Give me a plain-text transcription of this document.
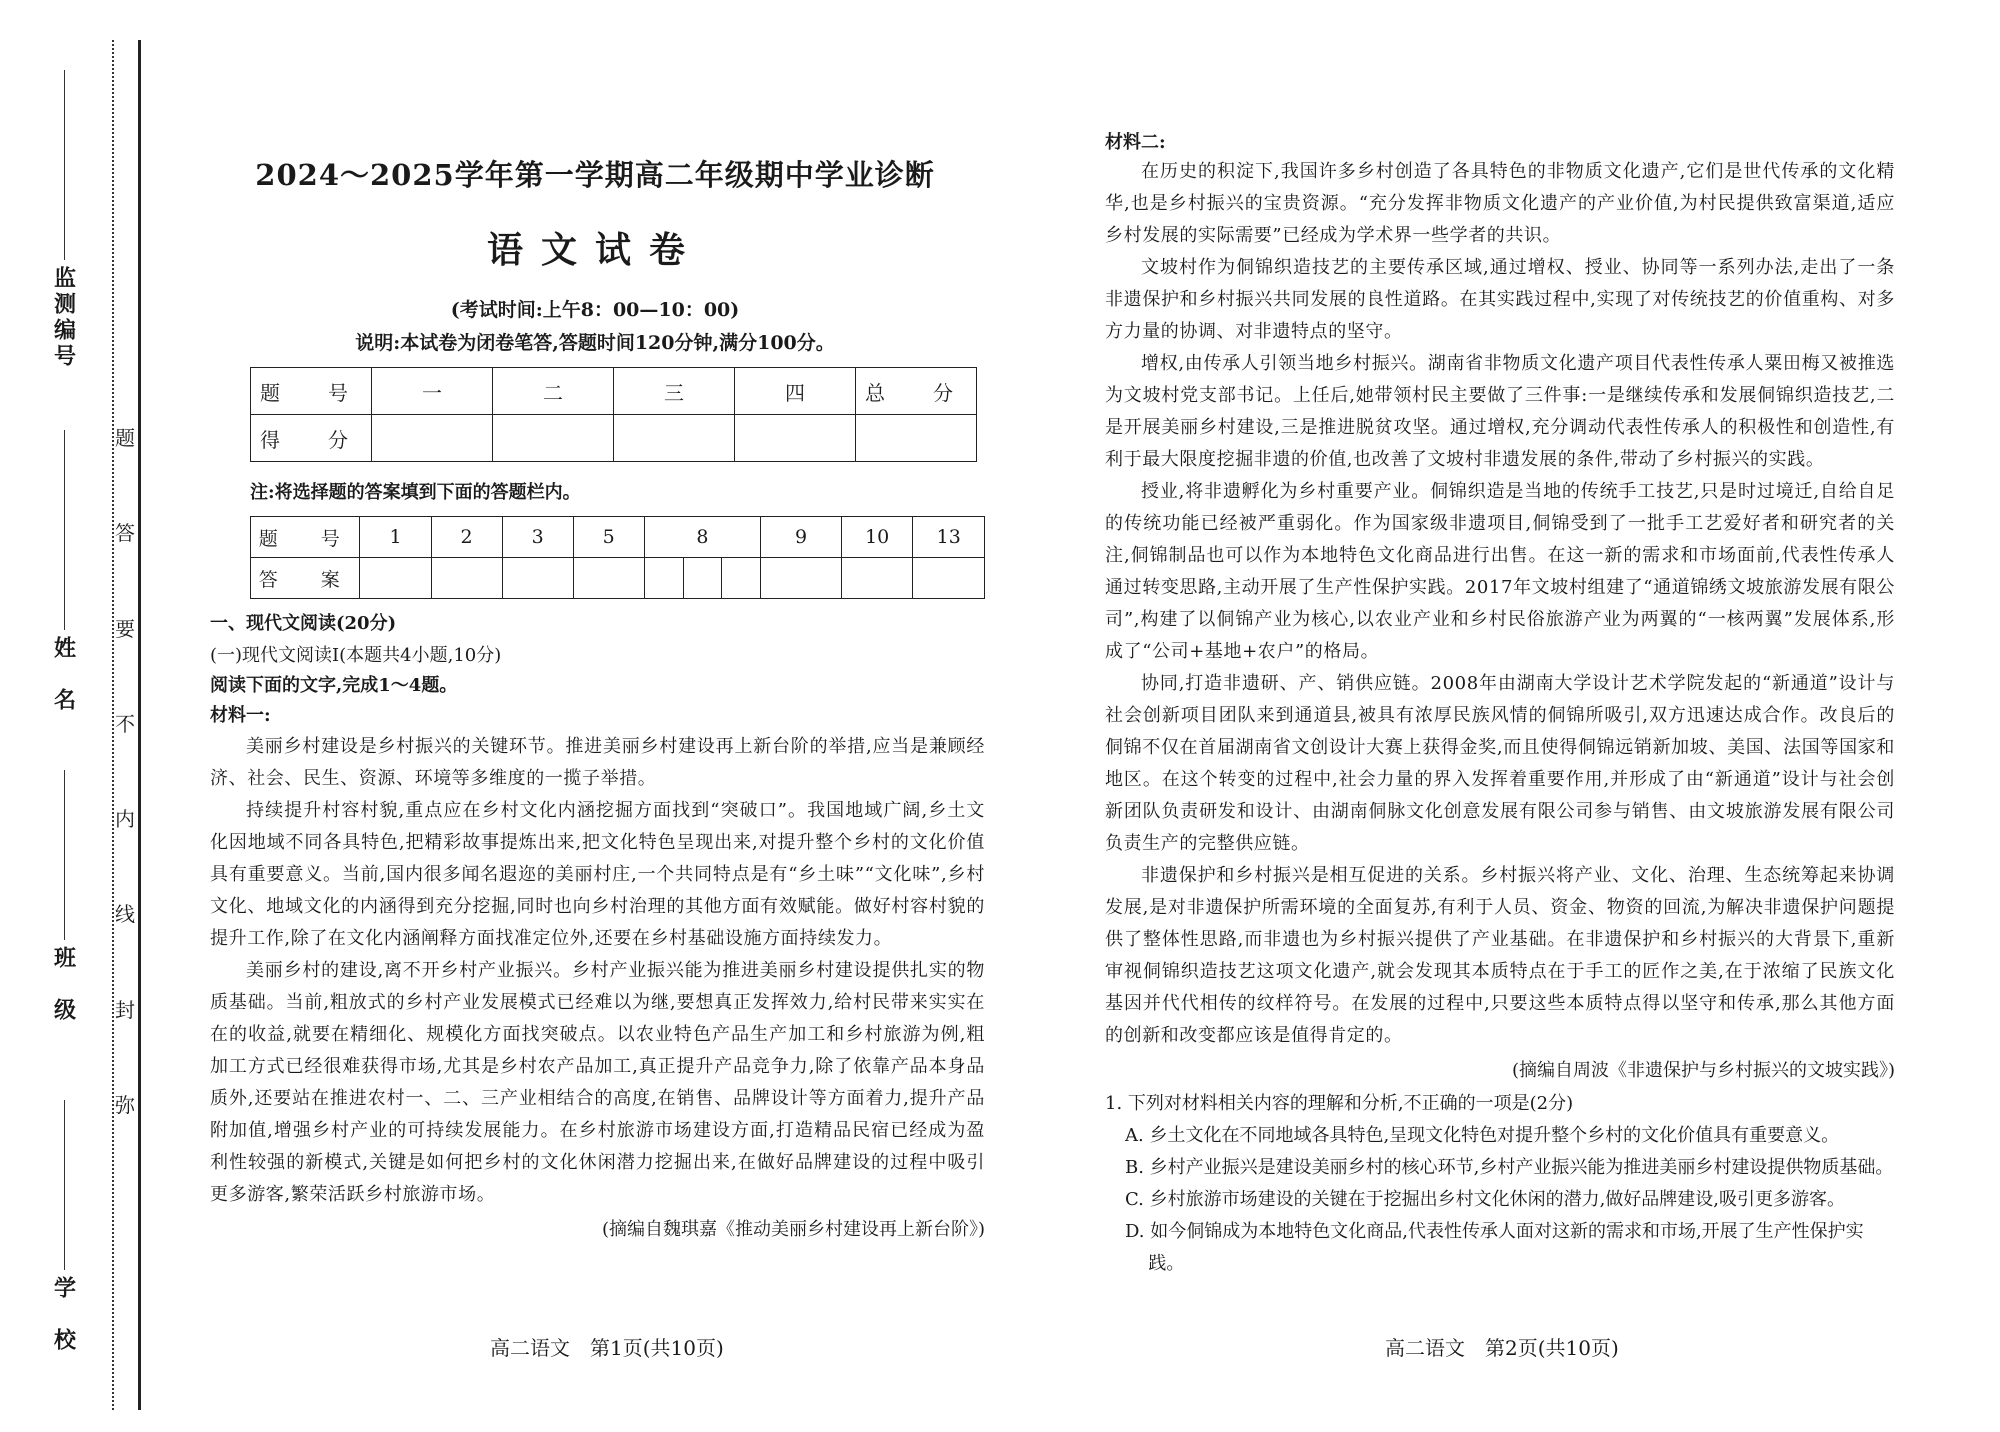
监测编号
姓　名
班　级
学　校
题
答
要
不
内
线
封
弥
2024～2025学年第一学期高二年级期中学业诊断
语文试卷
(考试时间:上午8：00—10：00)
说明:本试卷为闭卷笔答,答题时间120分钟,满分100分。
题　号	一	二	三	四	总　分
得　分					
注:将选择题的答案填到下面的答题栏内。
题　号	1	2	3	5	8			9	10	13
答　案										
一、现代文阅读(20分)
(一)现代文阅读Ⅰ(本题共4小题,10分)
阅读下面的文字,完成1～4题。
材料一:

美丽乡村建设是乡村振兴的关键环节。推进美丽乡村建设再上新台阶的举措,应当是兼顾经济、社会、民生、资源、环境等多维度的一揽子举措。

持续提升村容村貌,重点应在乡村文化内涵挖掘方面找到“突破口”。我国地域广阔,乡土文化因地域不同各具特色,把精彩故事提炼出来,把文化特色呈现出来,对提升整个乡村的文化价值具有重要意义。当前,国内很多闻名遐迩的美丽村庄,一个共同特点是有“乡土味”“文化味”,乡村文化、地域文化的内涵得到充分挖掘,同时也向乡村治理的其他方面有效赋能。做好村容村貌的提升工作,除了在文化内涵阐释方面找准定位外,还要在乡村基础设施方面持续发力。

美丽乡村的建设,离不开乡村产业振兴。乡村产业振兴能为推进美丽乡村建设提供扎实的物质基础。当前,粗放式的乡村产业发展模式已经难以为继,要想真正发挥效力,给村民带来实实在在的收益,就要在精细化、规模化方面找突破点。以农业特色产品生产加工和乡村旅游为例,粗加工方式已经很难获得市场,尤其是乡村农产品加工,真正提升产品竞争力,除了依靠产品本身品质外,还要站在推进农村一、二、三产业相结合的高度,在销售、品牌设计等方面着力,提升产品附加值,增强乡村产业的可持续发展能力。在乡村旅游市场建设方面,打造精品民宿已经成为盈利性较强的新模式,关键是如何把乡村的文化休闲潜力挖掘出来,在做好品牌建设的过程中吸引更多游客,繁荣活跃乡村旅游市场。

(摘编自魏琪嘉《推动美丽乡村建设再上新台阶》)
高二语文　第1页(共10页)
材料二:

在历史的积淀下,我国许多乡村创造了各具特色的非物质文化遗产,它们是世代传承的文化精华,也是乡村振兴的宝贵资源。“充分发挥非物质文化遗产的产业价值,为村民提供致富渠道,适应乡村发展的实际需要”已经成为学术界一些学者的共识。

文坡村作为侗锦织造技艺的主要传承区域,通过增权、授业、协同等一系列办法,走出了一条非遗保护和乡村振兴共同发展的良性道路。在其实践过程中,实现了对传统技艺的价值重构、对多方力量的协调、对非遗特点的坚守。

增权,由传承人引领当地乡村振兴。湖南省非物质文化遗产项目代表性传承人粟田梅又被推选为文坡村党支部书记。上任后,她带领村民主要做了三件事:一是继续传承和发展侗锦织造技艺,二是开展美丽乡村建设,三是推进脱贫攻坚。通过增权,充分调动代表性传承人的积极性和创造性,有利于最大限度挖掘非遗的价值,也改善了文坡村非遗发展的条件,带动了乡村振兴的实践。

授业,将非遗孵化为乡村重要产业。侗锦织造是当地的传统手工技艺,只是时过境迁,自给自足的传统功能已经被严重弱化。作为国家级非遗项目,侗锦受到了一批手工艺爱好者和研究者的关注,侗锦制品也可以作为本地特色文化商品进行出售。在这一新的需求和市场面前,代表性传承人通过转变思路,主动开展了生产性保护实践。2017年文坡村组建了“通道锦绣文坡旅游发展有限公司”,构建了以侗锦产业为核心,以农业产业和乡村民俗旅游产业为两翼的“一核两翼”发展体系,形成了“公司+基地+农户”的格局。

协同,打造非遗研、产、销供应链。2008年由湖南大学设计艺术学院发起的“新通道”设计与社会创新项目团队来到通道县,被具有浓厚民族风情的侗锦所吸引,双方迅速达成合作。改良后的侗锦不仅在首届湖南省文创设计大赛上获得金奖,而且使得侗锦远销新加坡、美国、法国等国家和地区。在这个转变的过程中,社会力量的界入发挥着重要作用,并形成了由“新通道”设计与社会创新团队负责研发和设计、由湖南侗脉文化创意发展有限公司参与销售、由文坡旅游发展有限公司负责生产的完整供应链。

非遗保护和乡村振兴是相互促进的关系。乡村振兴将产业、文化、治理、生态统筹起来协调发展,是对非遗保护所需环境的全面复苏,有利于人员、资金、物资的回流,为解决非遗保护问题提供了整体性思路,而非遗也为乡村振兴提供了产业基础。在非遗保护和乡村振兴的大背景下,重新审视侗锦织造技艺这项文化遗产,就会发现其本质特点在于手工的匠作之美,在于浓缩了民族文化基因并代代相传的纹样符号。在发展的过程中,只要这些本质特点得以坚守和传承,那么其他方面的创新和改变都应该是值得肯定的。

(摘编自周波《非遗保护与乡村振兴的文坡实践》)
1. 下列对材料相关内容的理解和分析,不正确的一项是(2分)
A. 乡土文化在不同地域各具特色,呈现文化特色对提升整个乡村的文化价值具有重要意义。
B. 乡村产业振兴是建设美丽乡村的核心环节,乡村产业振兴能为推进美丽乡村建设提供物质基础。
C. 乡村旅游市场建设的关键在于挖掘出乡村文化休闲的潜力,做好品牌建设,吸引更多游客。
D. 如今侗锦成为本地特色文化商品,代表性传承人面对这新的需求和市场,开展了生产性保护实践。
高二语文　第2页(共10页)
